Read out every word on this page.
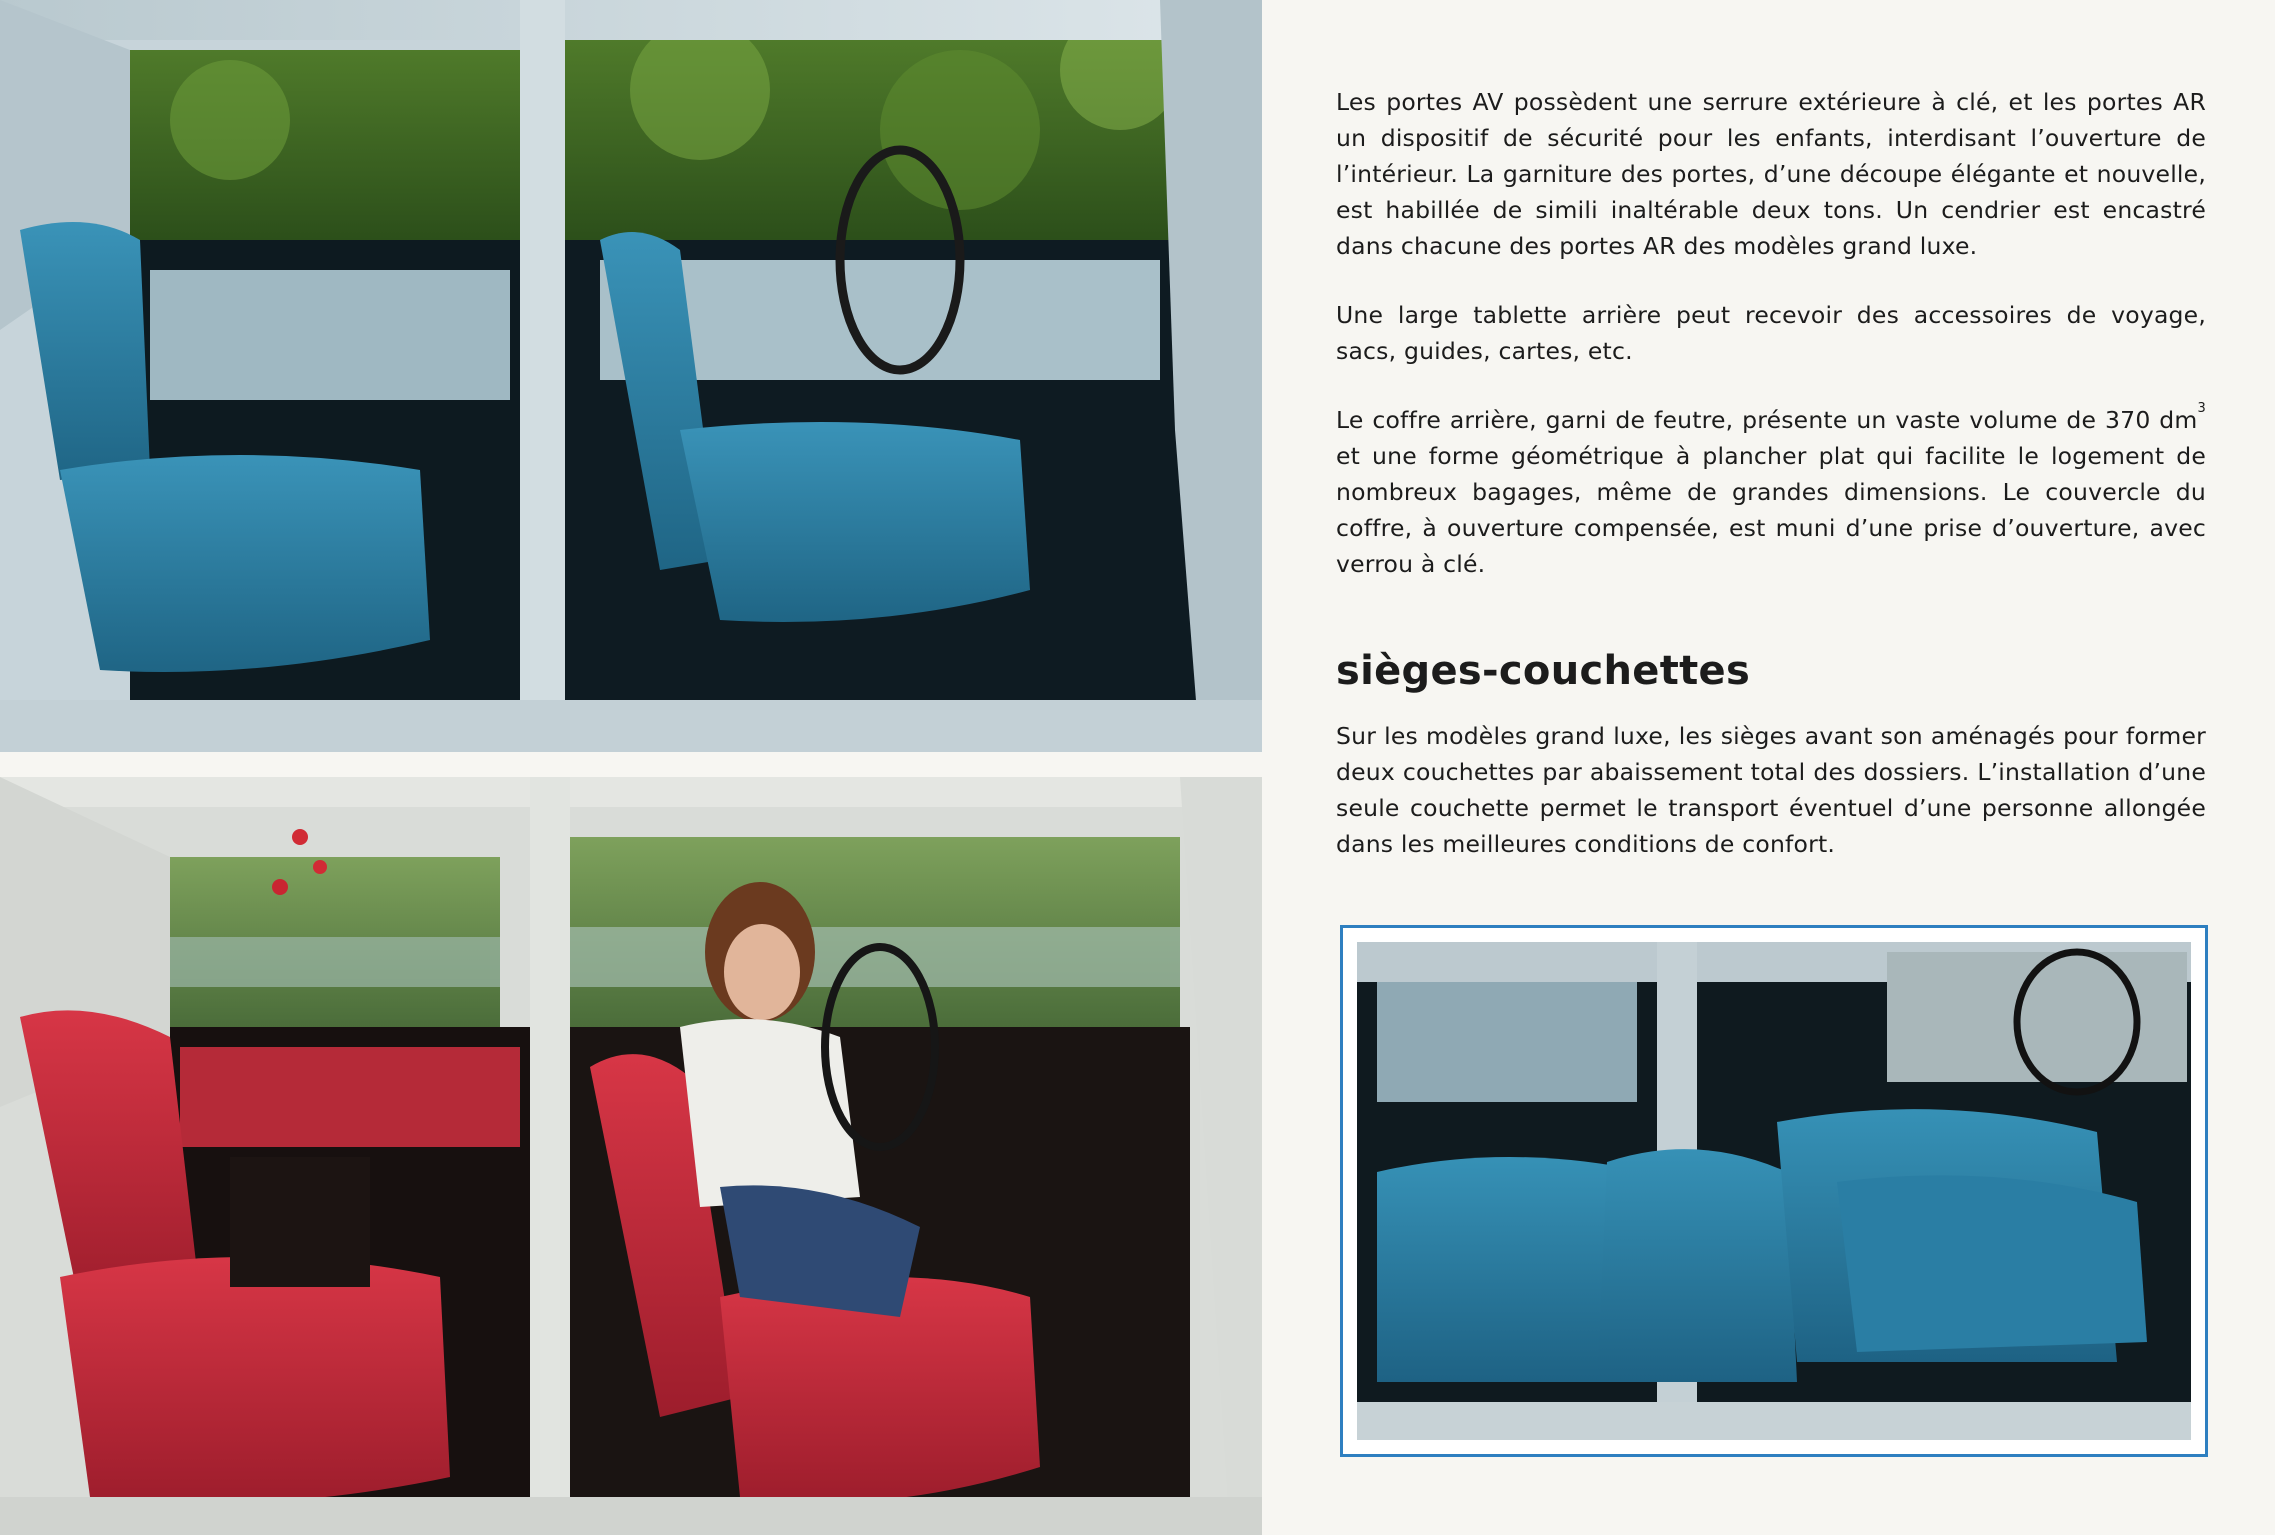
Les portes AV possèdent une serrure extérieure à clé, et les portes AR un dispositif de sécurité pour les enfants, interdisant l’ouverture de l’intérieur. La garniture des portes, d’une découpe élégante et nouvelle, est habillée de simili inaltérable deux tons. Un cendrier est encastré dans chacune des portes AR des modèles grand luxe.

Une large tablette arrière peut recevoir des accessoires de voyage, sacs, guides, cartes, etc.

Le coffre arrière, garni de feutre, présente un vaste volume de 370 $dm^3$ et une forme géométrique à plancher plat qui facilite le logement de nombreux bagages, même de grandes dimensions. Le couvercle du coffre, à ouverture compensée, est muni d’une prise d’ouverture, avec verrou à clé.

sièges-couchettes

Sur les modèles grand luxe, les sièges avant son aménagés pour former deux couchettes par abaissement total des dossiers. L’installation d’une seule couchette permet le transport éventuel d’une personne allongée dans les meilleures conditions de confort.
